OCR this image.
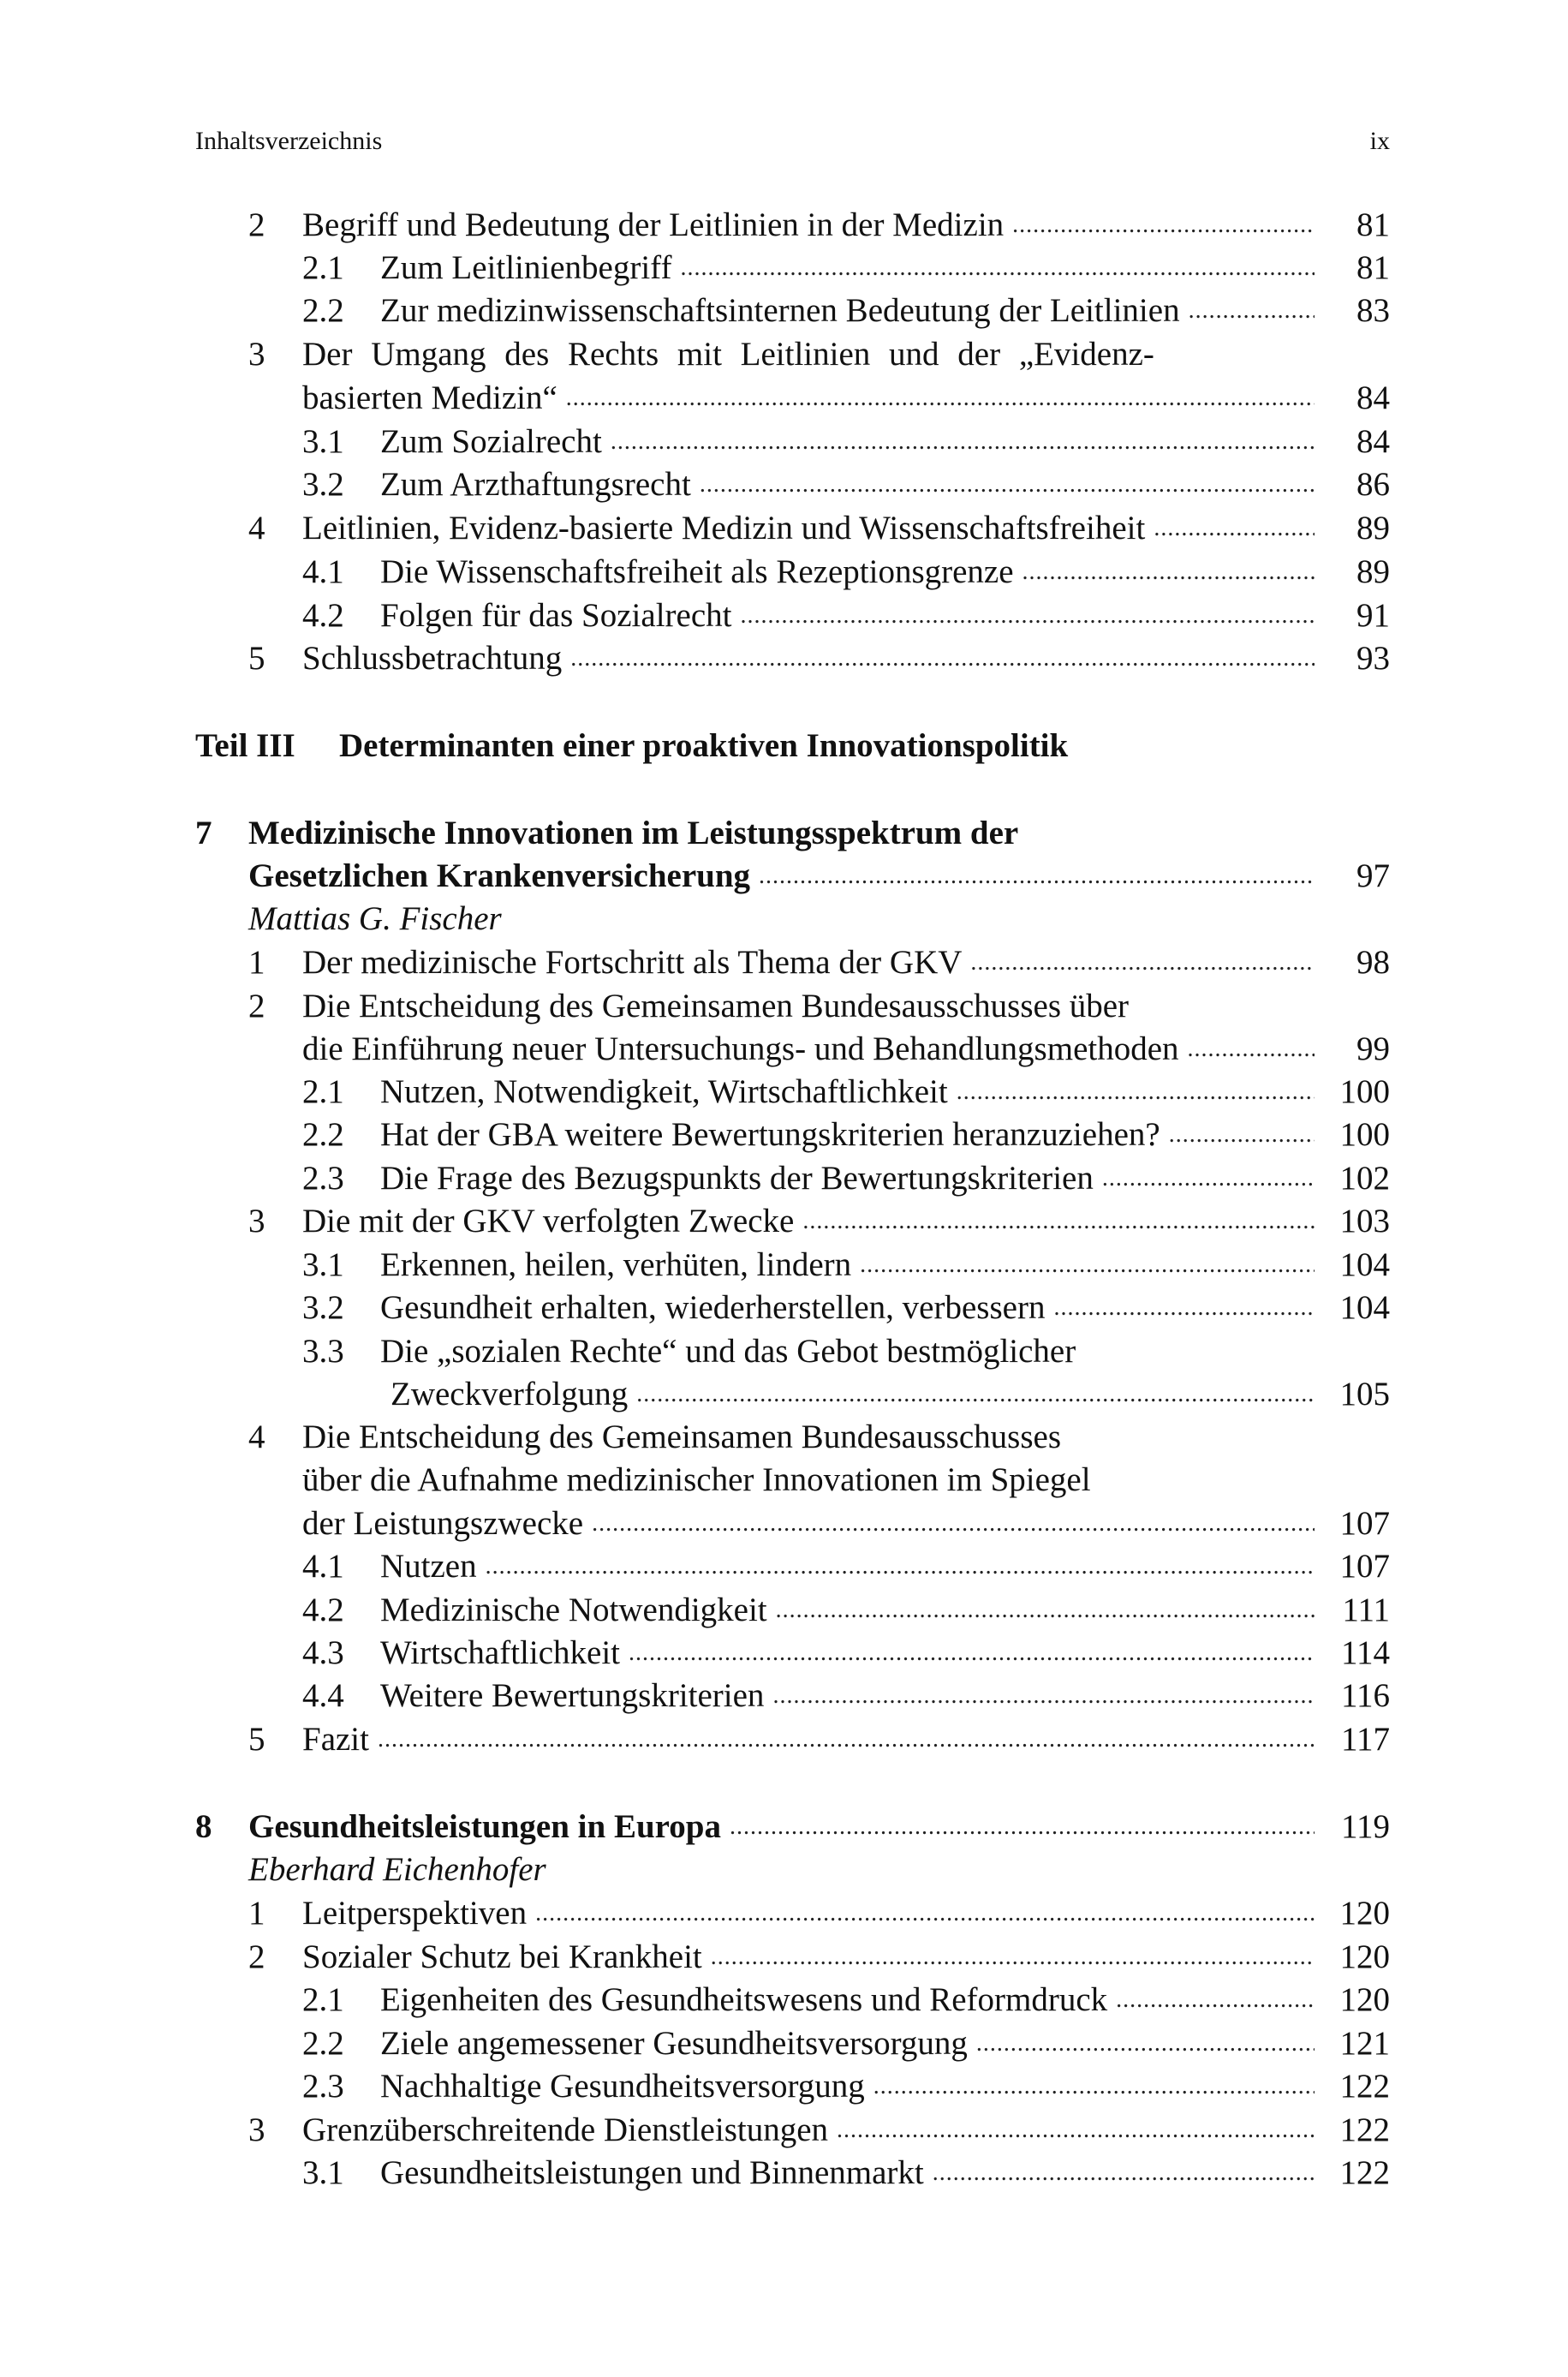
Inhaltsverzeichnis	ix
2 Begriff und Bedeutung der Leitlinien in der Medizin .....	81
2.1 Zum Leitlinienbegriff .....	81
2.2 Zur medizinwissenschaftsinternen Bedeutung der Leitlinien .....	83
3 Der Umgang des Rechts mit Leitlinien und der „Evidenz-
basierten Medizin“ .....	84
3.1 Zum Sozialrecht .....	84
3.2 Zum Arzthaftungsrecht .....	86
4 Leitlinien, Evidenz-basierte Medizin und Wissenschaftsfreiheit .....	89
4.1 Die Wissenschaftsfreiheit als Rezeptionsgrenze .....	89
4.2 Folgen für das Sozialrecht .....	91
5 Schlussbetrachtung .....	93
Teil III Determinanten einer proaktiven Innovationspolitik
7 Medizinische Innovationen im Leistungsspektrum der
Gesetzlichen Krankenversicherung .....	97
Mattias G. Fischer
1 Der medizinische Fortschritt als Thema der GKV .....	98
2 Die Entscheidung des Gemeinsamen Bundesausschusses über
die Einführung neuer Untersuchungs- und Behandlungsmethoden .....	99
2.1 Nutzen, Notwendigkeit, Wirtschaftlichkeit .....	100
2.2 Hat der GBA weitere Bewertungskriterien heranzuziehen? .....	100
2.3 Die Frage des Bezugspunkts der Bewertungskriterien .....	102
3 Die mit der GKV verfolgten Zwecke .....	103
3.1 Erkennen, heilen, verhüten, lindern .....	104
3.2 Gesundheit erhalten, wiederherstellen, verbessern .....	104
3.3 Die „sozialen Rechte“ und das Gebot bestmöglicher
Zweckverfolgung .....	105
4 Die Entscheidung des Gemeinsamen Bundesausschusses
über die Aufnahme medizinischer Innovationen im Spiegel
der Leistungszwecke .....	107
4.1 Nutzen .....	107
4.2 Medizinische Notwendigkeit .....	111
4.3 Wirtschaftlichkeit .....	114
4.4 Weitere Bewertungskriterien .....	116
5 Fazit .....	117
8 Gesundheitsleistungen in Europa .....	119
Eberhard Eichenhofer
1 Leitperspektiven .....	120
2 Sozialer Schutz bei Krankheit .....	120
2.1 Eigenheiten des Gesundheitswesens und Reformdruck .....	120
2.2 Ziele angemessener Gesundheitsversorgung .....	121
2.3 Nachhaltige Gesundheitsversorgung .....	122
3 Grenzüberschreitende Dienstleistungen .....	122
3.1 Gesundheitsleistungen und Binnenmarkt .....	122
